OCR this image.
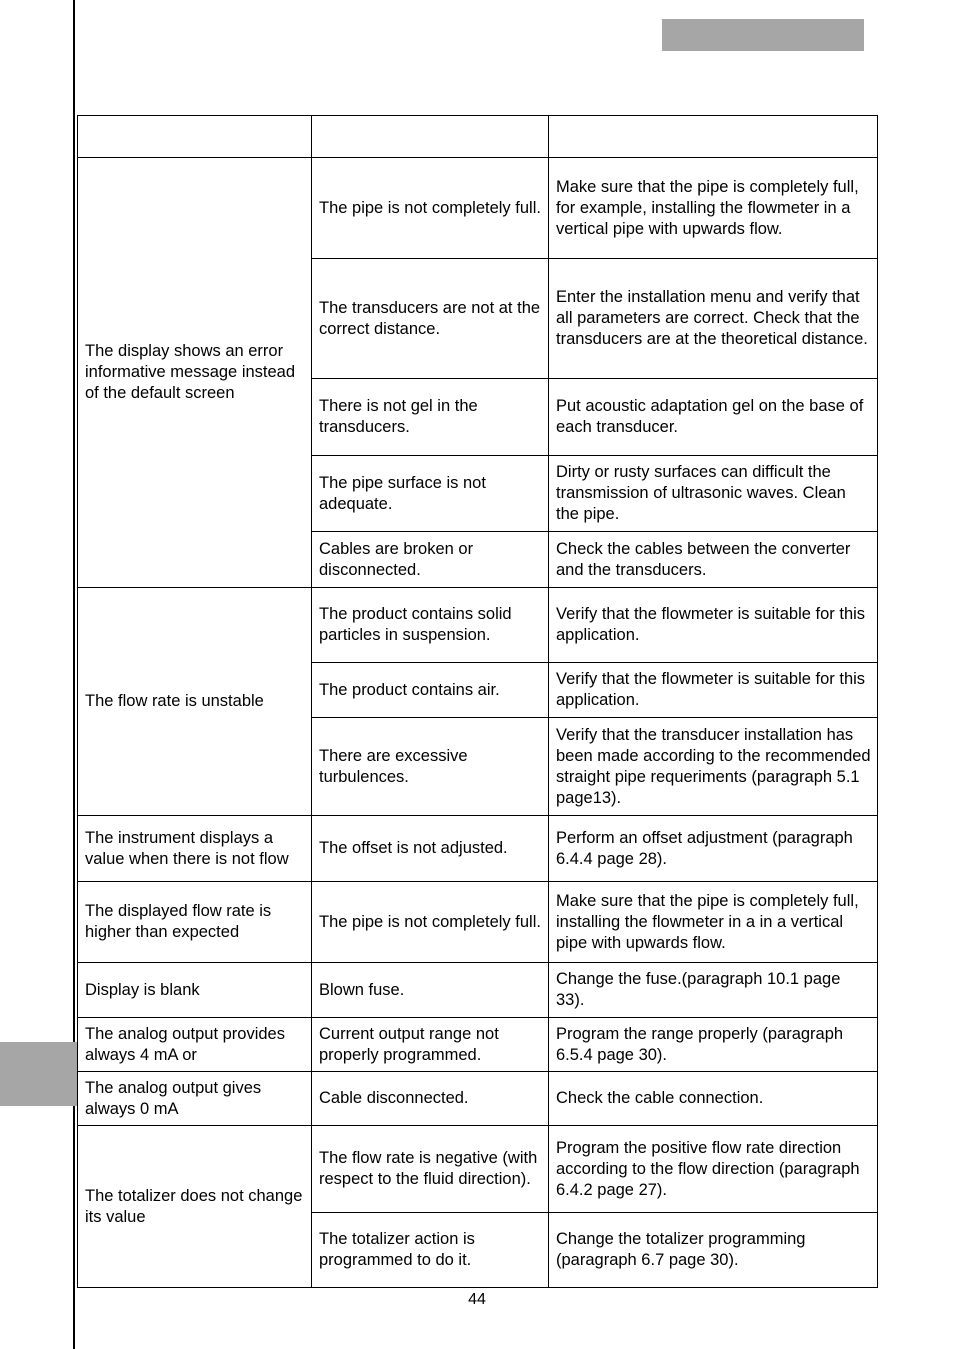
The display shows an error informative message instead of the default screen	The pipe is not completely full.	Make sure that the pipe is completely full, for example, installing the flowmeter in a vertical pipe with upwards flow.
	The transducers are not at the correct distance.	Enter the installation menu and verify that all parameters are correct. Check that the transducers are at the theoretical distance.
	There is not gel in the transducers.	Put acoustic adaptation gel on the base of each transducer.
	The pipe surface is not adequate.	Dirty or rusty surfaces can difficult the transmission of ultrasonic waves. Clean the pipe.
	Cables are broken or disconnected.	Check the cables between the converter and the transducers.
The flow rate is unstable	The product contains solid particles in suspension.	Verify that the flowmeter is suitable for this application.
	The product contains air.	Verify that the flowmeter is suitable for this application.
	There are excessive turbulences.	Verify that the transducer installation has been made according to the recommended straight pipe requeriments (paragraph 5.1 page13).
The instrument displays a value when there is not flow	The offset is not adjusted.	Perform an offset adjustment (paragraph 6.4.4 page 28).
The displayed flow rate is higher than expected	The pipe is not completely full.	Make sure that the pipe is completely full, installing the flowmeter in a in a vertical pipe with upwards flow.
Display is blank	Blown fuse.	Change the fuse.(paragraph 10.1 page 33).
The analog output provides always 4 mA or	Current output range not properly programmed.	Program the range properly (paragraph 6.5.4 page 30).
The analog output gives always 0 mA	Cable disconnected.	Check the cable connection.
The totalizer does not change its value	The flow rate is negative (with respect to the fluid direction).	Program the positive flow rate direction according to the flow direction (paragraph 6.4.2 page 27).
	The totalizer action is programmed to do it.	Change the totalizer programming (paragraph 6.7 page 30).
44
